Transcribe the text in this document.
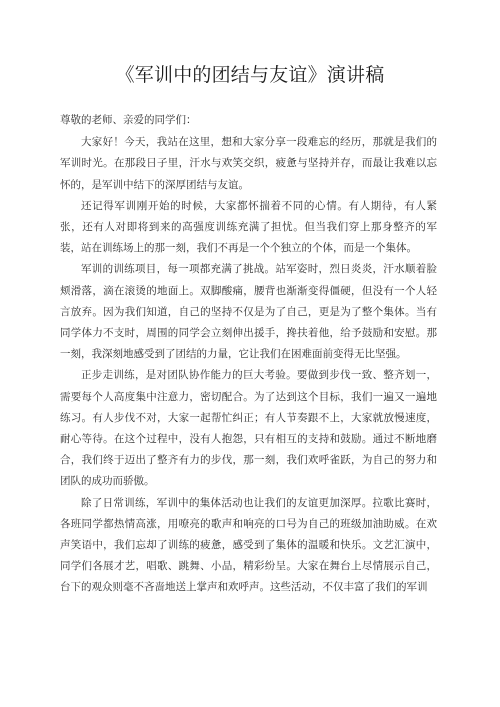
《军训中的团结与友谊》演讲稿

尊敬的老师、亲爱的同学们：

大家好！今天，我站在这里，想和大家分享一段难忘的经历，那就是我们的军训时光。在那段日子里，汗水与欢笑交织，疲惫与坚持并存，而最让我难以忘怀的，是军训中结下的深厚团结与友谊。

还记得军训刚开始的时候，大家都怀揣着不同的心情。有人期待，有人紧张，还有人对即将到来的高强度训练充满了担忧。但当我们穿上那身整齐的军装，站在训练场上的那一刻，我们不再是一个个独立的个体，而是一个集体。

军训的训练项目，每一项都充满了挑战。站军姿时，烈日炎炎，汗水顺着脸颊滑落，滴在滚烫的地面上。双脚酸痛，腰背也渐渐变得僵硬，但没有一个人轻言放弃。因为我们知道，自己的坚持不仅是为了自己，更是为了整个集体。当有同学体力不支时，周围的同学会立刻伸出援手，搀扶着他，给予鼓励和安慰。那一刻，我深刻地感受到了团结的力量，它让我们在困难面前变得无比坚强。

正步走训练，是对团队协作能力的巨大考验。要做到步伐一致、整齐划一，需要每个人高度集中注意力，密切配合。为了达到这个目标，我们一遍又一遍地练习。有人步伐不对，大家一起帮忙纠正；有人节奏跟不上，大家就放慢速度，耐心等待。在这个过程中，没有人抱怨，只有相互的支持和鼓励。通过不断地磨合，我们终于迈出了整齐有力的步伐，那一刻，我们欢呼雀跃，为自己的努力和团队的成功而骄傲。

除了日常训练，军训中的集体活动也让我们的友谊更加深厚。拉歌比赛时，各班同学都热情高涨，用嘹亮的歌声和响亮的口号为自己的班级加油助威。在欢声笑语中，我们忘却了训练的疲惫，感受到了集体的温暖和快乐。文艺汇演中，同学们各展才艺，唱歌、跳舞、小品，精彩纷呈。大家在舞台上尽情展示自己，台下的观众则毫不吝啬地送上掌声和欢呼声。这些活动，不仅丰富了我们的军训
